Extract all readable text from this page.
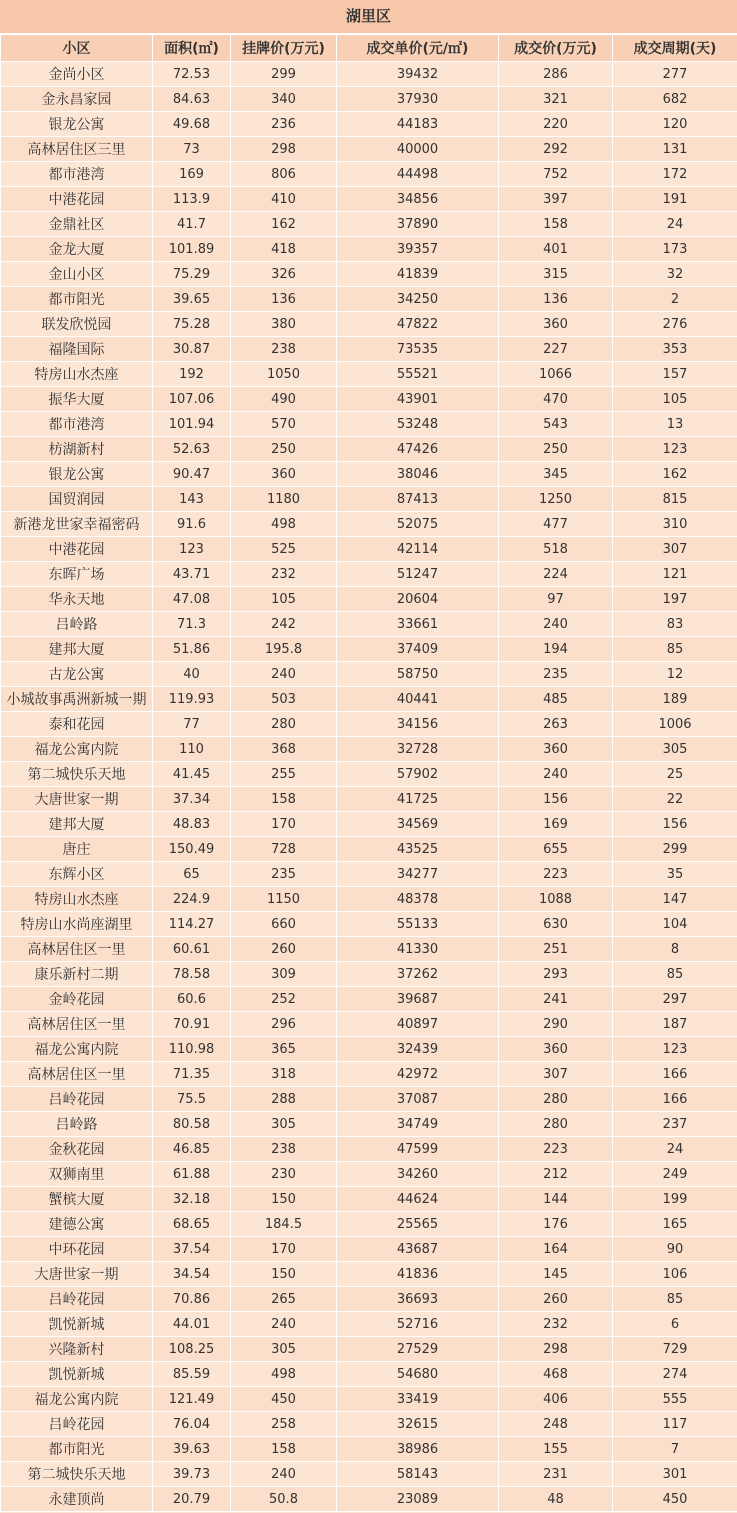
湖里区
小区	面积(㎡)	挂牌价(万元)	成交单价(元/㎡)	成交价(万元)	成交周期(天)
金尚小区	72.53	299	39432	286	277
金永昌家园	84.63	340	37930	321	682
银龙公寓	49.68	236	44183	220	120
高林居住区三里	73	298	40000	292	131
都市港湾	169	806	44498	752	172
中港花园	113.9	410	34856	397	191
金鼎社区	41.7	162	37890	158	24
金龙大厦	101.89	418	39357	401	173
金山小区	75.29	326	41839	315	32
都市阳光	39.65	136	34250	136	2
联发欣悦园	75.28	380	47822	360	276
福隆国际	30.87	238	73535	227	353
特房山水杰座	192	1050	55521	1066	157
振华大厦	107.06	490	43901	470	105
都市港湾	101.94	570	53248	543	13
枋湖新村	52.63	250	47426	250	123
银龙公寓	90.47	360	38046	345	162
国贸润园	143	1180	87413	1250	815
新港龙世家幸福密码	91.6	498	52075	477	310
中港花园	123	525	42114	518	307
东晖广场	43.71	232	51247	224	121
华永天地	47.08	105	20604	97	197
吕岭路	71.3	242	33661	240	83
建邦大厦	51.86	195.8	37409	194	85
古龙公寓	40	240	58750	235	12
小城故事禹洲新城一期	119.93	503	40441	485	189
泰和花园	77	280	34156	263	1006
福龙公寓内院	110	368	32728	360	305
第二城快乐天地	41.45	255	57902	240	25
大唐世家一期	37.34	158	41725	156	22
建邦大厦	48.83	170	34569	169	156
唐庄	150.49	728	43525	655	299
东辉小区	65	235	34277	223	35
特房山水杰座	224.9	1150	48378	1088	147
特房山水尚座湖里	114.27	660	55133	630	104
高林居住区一里	60.61	260	41330	251	8
康乐新村二期	78.58	309	37262	293	85
金岭花园	60.6	252	39687	241	297
高林居住区一里	70.91	296	40897	290	187
福龙公寓内院	110.98	365	32439	360	123
高林居住区一里	71.35	318	42972	307	166
吕岭花园	75.5	288	37087	280	166
吕岭路	80.58	305	34749	280	237
金秋花园	46.85	238	47599	223	24
双狮南里	61.88	230	34260	212	249
蟹槟大厦	32.18	150	44624	144	199
建德公寓	68.65	184.5	25565	176	165
中环花园	37.54	170	43687	164	90
大唐世家一期	34.54	150	41836	145	106
吕岭花园	70.86	265	36693	260	85
凯悦新城	44.01	240	52716	232	6
兴隆新村	108.25	305	27529	298	729
凯悦新城	85.59	498	54680	468	274
福龙公寓内院	121.49	450	33419	406	555
吕岭花园	76.04	258	32615	248	117
都市阳光	39.63	158	38986	155	7
第二城快乐天地	39.73	240	58143	231	301
永建顶尚	20.79	50.8	23089	48	450
